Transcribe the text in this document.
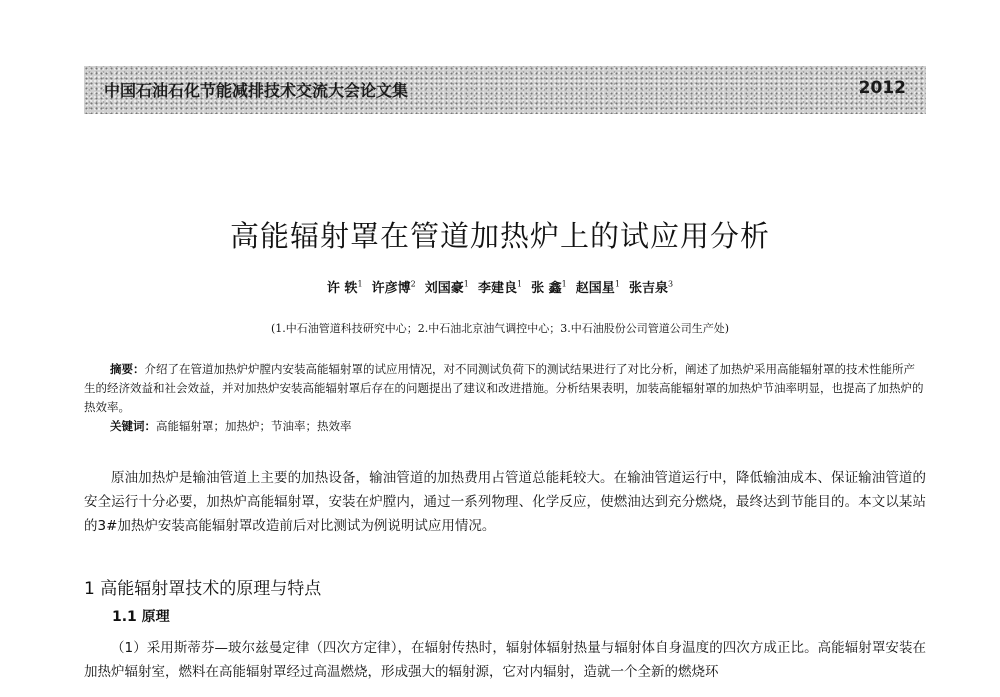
中国石油石化节能减排技术交流大会论文集	2012
高能辐射罩在管道加热炉上的试应用分析
许 轶$^1$ 许彦博$^2$ 刘国豪$^1$ 李建良$^1$ 张 鑫$^1$ 赵国星$^1$ 张吉泉$^3$
(1.中石油管道科技研究中心；2.中石油北京油气调控中心；3.中石油股份公司管道公司生产处)

摘要：介绍了在管道加热炉炉膛内安装高能辐射罩的试应用情况，对不同测试负荷下的测试结果进行了对比分析，阐述了加热炉采用高能辐射罩的技术性能所产生的经济效益和社会效益，并对加热炉安装高能辐射罩后存在的问题提出了建议和改进措施。分析结果表明，加装高能辐射罩的加热炉节油率明显，也提高了加热炉的热效率。

关键词：高能辐射罩；加热炉；节油率；热效率

原油加热炉是输油管道上主要的加热设备，输油管道的加热费用占管道总能耗较大。在输油管道运行中，降低输油成本、保证输油管道的安全运行十分必要，加热炉高能辐射罩，安装在炉膛内，通过一系列物理、化学反应，使燃油达到充分燃烧，最终达到节能目的。本文以某站的3#加热炉安装高能辐射罩改造前后对比测试为例说明试应用情况。

1 高能辐射罩技术的原理与特点
1.1 原理

（1）采用斯蒂芬—玻尔兹曼定律（四次方定律），在辐射传热时，辐射体辐射热量与辐射体自身温度的四次方成正比。高能辐射罩安装在加热炉辐射室，燃料在高能辐射罩经过高温燃烧，形成强大的辐射源，它对内辐射，造就一个全新的燃烧环
